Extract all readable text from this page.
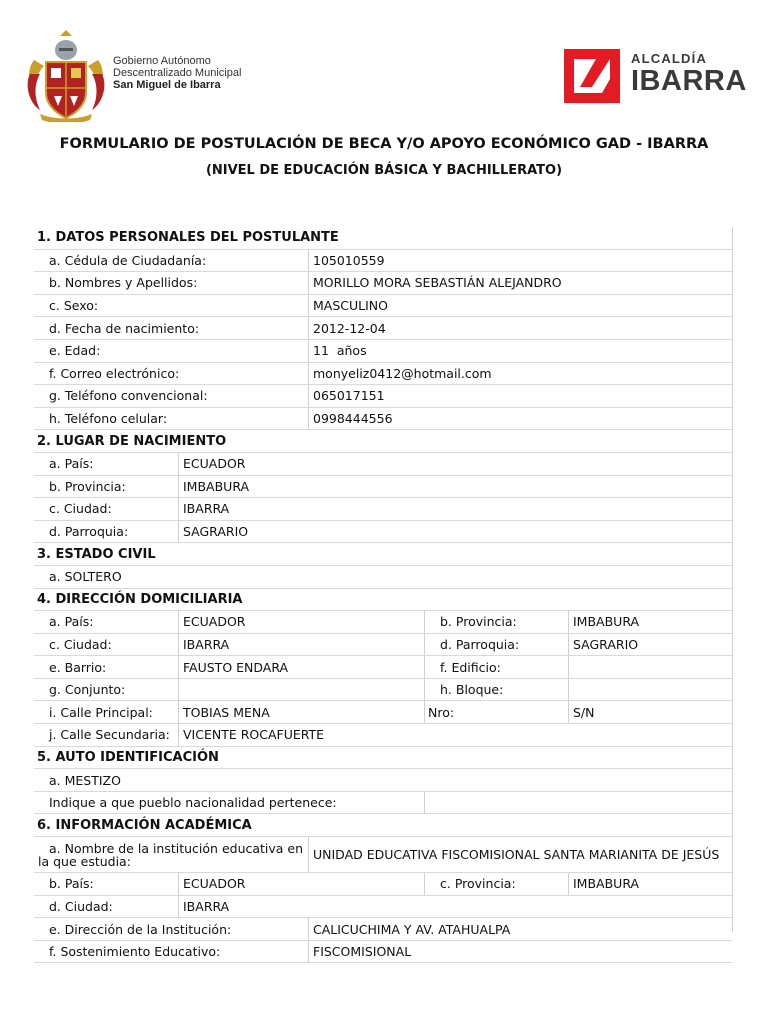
Gobierno Autónomo
Descentralizado Municipal
San Miguel de Ibarra
ALCALDÍA
IBARRA
FORMULARIO DE POSTULACIÓN DE BECA Y/O APOYO ECONÓMICO GAD - IBARRA
(NIVEL DE EDUCACIÓN BÁSICA Y BACHILLERATO)
1. DATOS PERSONALES DEL POSTULANTE
a. Cédula de Ciudadanía:	105010559
b. Nombres y Apellidos:	MORILLO MORA SEBASTIÁN ALEJANDRO
c. Sexo:	MASCULINO
d. Fecha de nacimiento:	2012-12-04
e. Edad:	11  años
f. Correo electrónico:	monyeliz0412@hotmail.com
g. Teléfono convencional:	065017151
h. Teléfono celular:	0998444556
2. LUGAR DE NACIMIENTO
a. País:	ECUADOR
b. Provincia:	IMBABURA
c. Ciudad:	IBARRA
d. Parroquia:	SAGRARIO
3. ESTADO CIVIL
a. SOLTERO
4. DIRECCIÓN DOMICILIARIA
a. País:	ECUADOR	b. Provincia:	IMBABURA
c. Ciudad:	IBARRA	d. Parroquia:	SAGRARIO
e. Barrio:	FAUSTO ENDARA	f. Edificio:
g. Conjunto:	h. Bloque:
i. Calle Principal:	TOBIAS MENA	Nro:	S/N
j. Calle Secundaria:	VICENTE ROCAFUERTE
5. AUTO IDENTIFICACIÓN
a. MESTIZO
Indique a que pueblo nacionalidad pertenece:
6. INFORMACIÓN ACADÉMICA
a. Nombre de la institución educativa en la que estudia:	UNIDAD EDUCATIVA FISCOMISIONAL SANTA MARIANITA DE JESÚS
b. País:	ECUADOR	c. Provincia:	IMBABURA
d. Ciudad:	IBARRA
e. Dirección de la Institución:	CALICUCHIMA Y AV. ATAHUALPA
f. Sostenimiento Educativo:	FISCOMISIONAL
